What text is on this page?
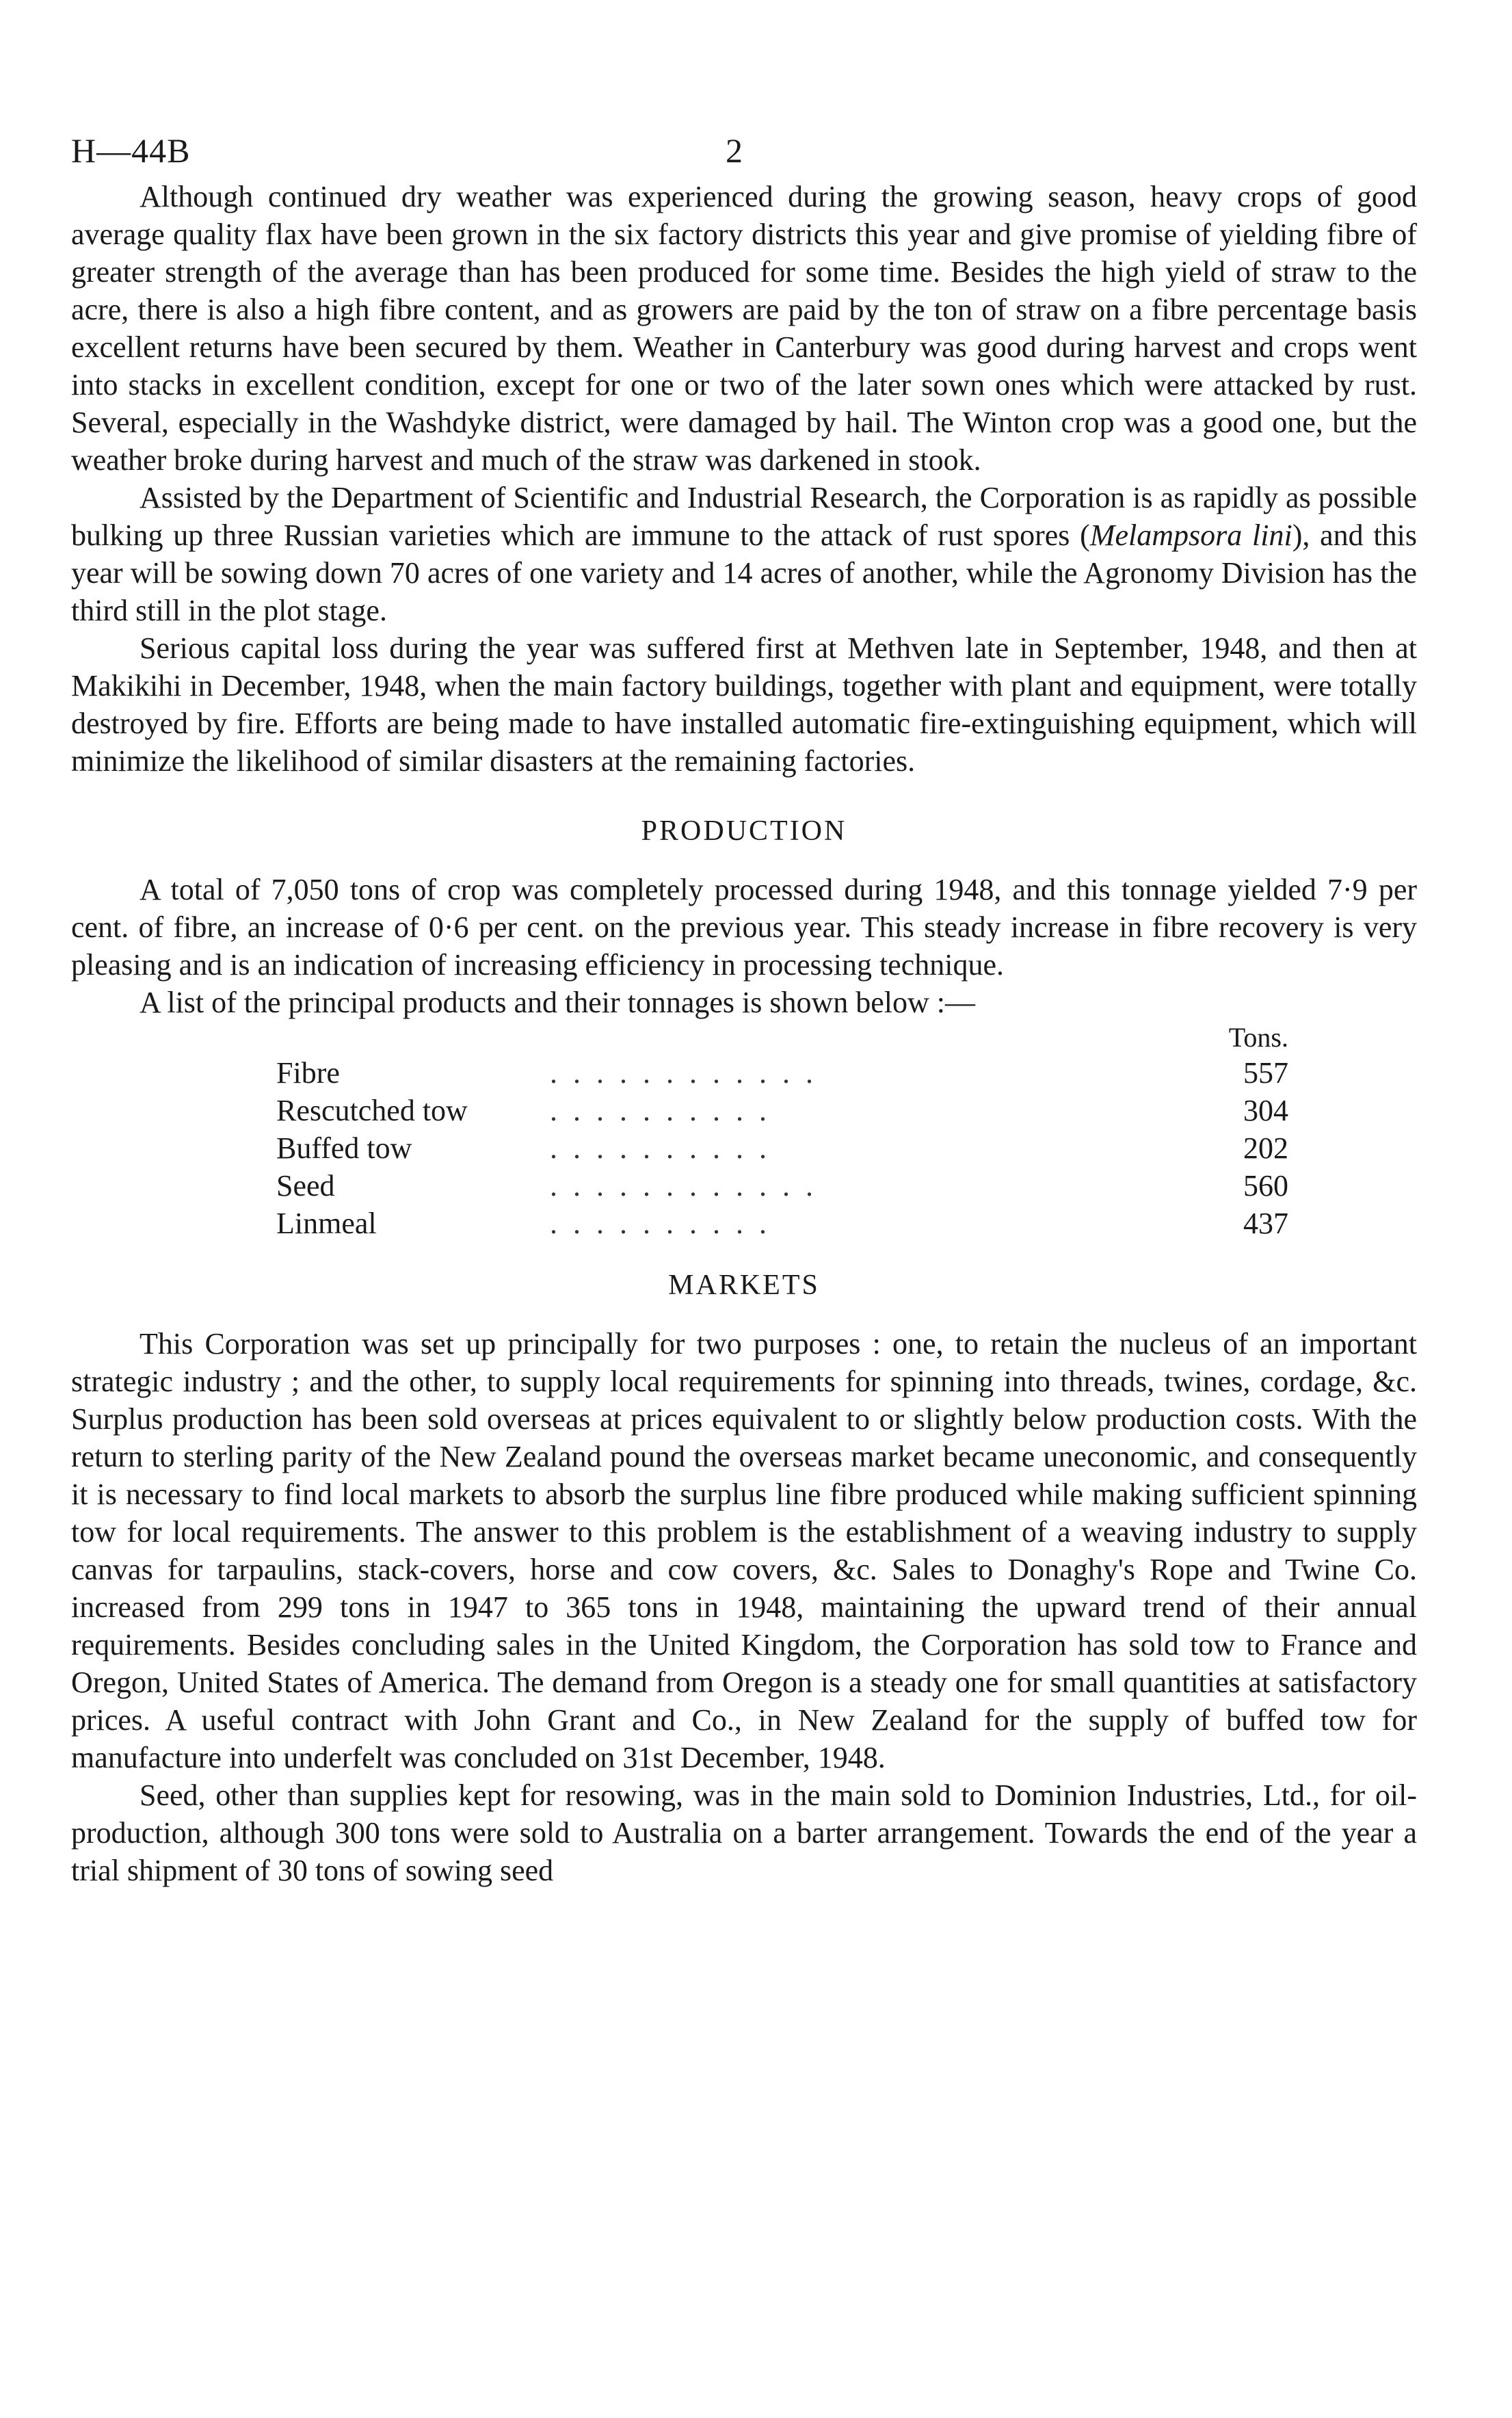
H—44B	2

Although continued dry weather was experienced during the growing season, heavy crops of good average quality flax have been grown in the six factory districts this year and give promise of yielding fibre of greater strength of the average than has been produced for some time. Besides the high yield of straw to the acre, there is also a high fibre content, and as growers are paid by the ton of straw on a fibre percentage basis excellent returns have been secured by them. Weather in Canterbury was good during harvest and crops went into stacks in excellent condition, except for one or two of the later sown ones which were attacked by rust. Several, especially in the Washdyke district, were damaged by hail. The Winton crop was a good one, but the weather broke during harvest and much of the straw was darkened in stook.

Assisted by the Department of Scientific and Industrial Research, the Corporation is as rapidly as possible bulking up three Russian varieties which are immune to the attack of rust spores (Melampsora lini), and this year will be sowing down 70 acres of one variety and 14 acres of another, while the Agronomy Division has the third still in the plot stage.

Serious capital loss during the year was suffered first at Methven late in September, 1948, and then at Makikihi in December, 1948, when the main factory buildings, together with plant and equipment, were totally destroyed by fire. Efforts are being made to have installed automatic fire-extinguishing equipment, which will minimize the likelihood of similar disasters at the remaining factories.

PRODUCTION

A total of 7,050 tons of crop was completely processed during 1948, and this tonnage yielded 7·9 per cent. of fibre, an increase of 0·6 per cent. on the previous year. This steady increase in fibre recovery is very pleasing and is an indication of increasing efficiency in processing technique.

A list of the principal products and their tonnages is shown below :—

Tons.
Fibre	. . . . . . . . . . . .	557
Rescutched tow	. . . . . . . . . .	304
Buffed tow	. . . . . . . . . .	202
Seed	. . . . . . . . . . . .	560
Linmeal	. . . . . . . . . .	437

MARKETS

This Corporation was set up principally for two purposes : one, to retain the nucleus of an important strategic industry ; and the other, to supply local requirements for spinning into threads, twines, cordage, &c. Surplus production has been sold overseas at prices equivalent to or slightly below production costs. With the return to sterling parity of the New Zealand pound the overseas market became uneconomic, and consequently it is necessary to find local markets to absorb the surplus line fibre produced while making sufficient spinning tow for local requirements. The answer to this problem is the establishment of a weaving industry to supply canvas for tarpaulins, stack-covers, horse and cow covers, &c. Sales to Donaghy's Rope and Twine Co. increased from 299 tons in 1947 to 365 tons in 1948, maintaining the upward trend of their annual requirements. Besides concluding sales in the United Kingdom, the Corporation has sold tow to France and Oregon, United States of America. The demand from Oregon is a steady one for small quantities at satisfactory prices. A useful contract with John Grant and Co., in New Zealand for the supply of buffed tow for manufacture into underfelt was concluded on 31st December, 1948.

Seed, other than supplies kept for resowing, was in the main sold to Dominion Industries, Ltd., for oil-production, although 300 tons were sold to Australia on a barter arrangement. Towards the end of the year a trial shipment of 30 tons of sowing seed
